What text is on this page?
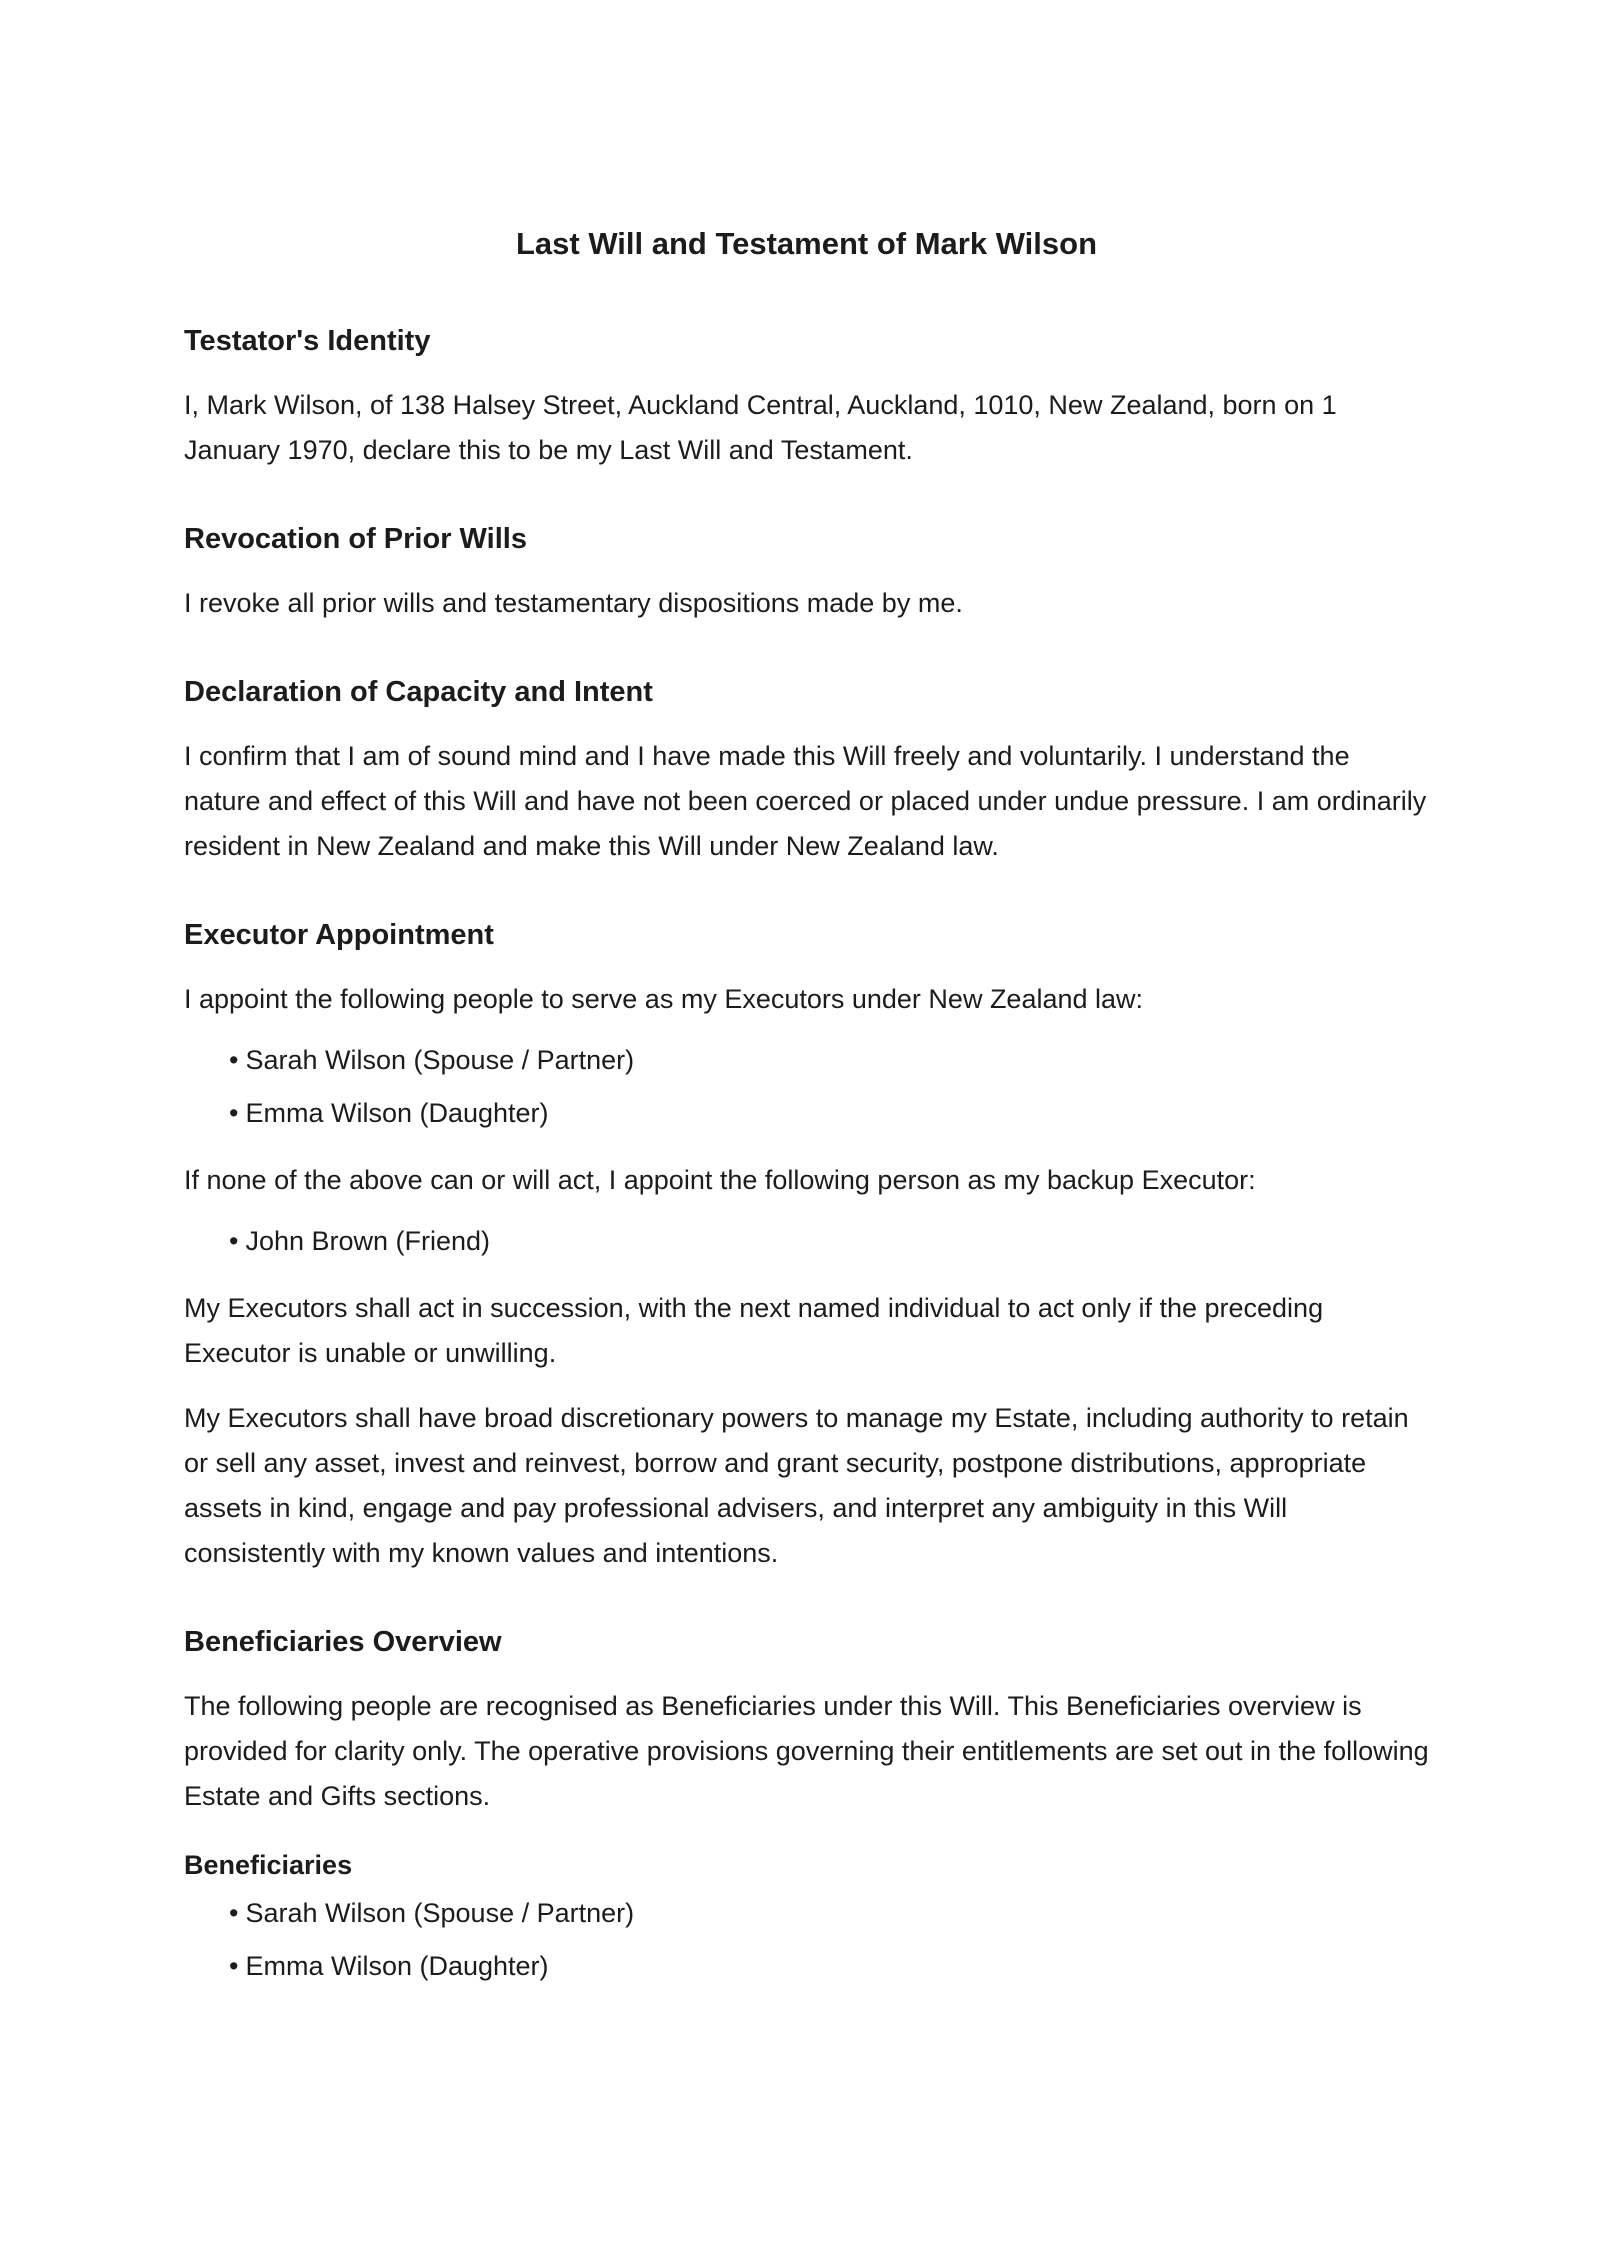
Last Will and Testament of Mark Wilson
Testator's Identity

I, Mark Wilson, of 138 Halsey Street, Auckland Central, Auckland, 1010, New Zealand, born on 1 January 1970, declare this to be my Last Will and Testament.

Revocation of Prior Wills

I revoke all prior wills and testamentary dispositions made by me.

Declaration of Capacity and Intent

I confirm that I am of sound mind and I have made this Will freely and voluntarily. I understand the nature and effect of this Will and have not been coerced or placed under undue pressure. I am ordinarily resident in New Zealand and make this Will under New Zealand law.

Executor Appointment

I appoint the following people to serve as my Executors under New Zealand law:

• Sarah Wilson (Spouse / Partner)
• Emma Wilson (Daughter)

If none of the above can or will act, I appoint the following person as my backup Executor:

• John Brown (Friend)

My Executors shall act in succession, with the next named individual to act only if the preceding Executor is unable or unwilling.

My Executors shall have broad discretionary powers to manage my Estate, including authority to retain or sell any asset, invest and reinvest, borrow and grant security, postpone distributions, appropriate assets in kind, engage and pay professional advisers, and interpret any ambiguity in this Will consistently with my known values and intentions.

Beneficiaries Overview

The following people are recognised as Beneficiaries under this Will. This Beneficiaries overview is provided for clarity only. The operative provisions governing their entitlements are set out in the following Estate and Gifts sections.

Beneficiaries
• Sarah Wilson (Spouse / Partner)
• Emma Wilson (Daughter)
